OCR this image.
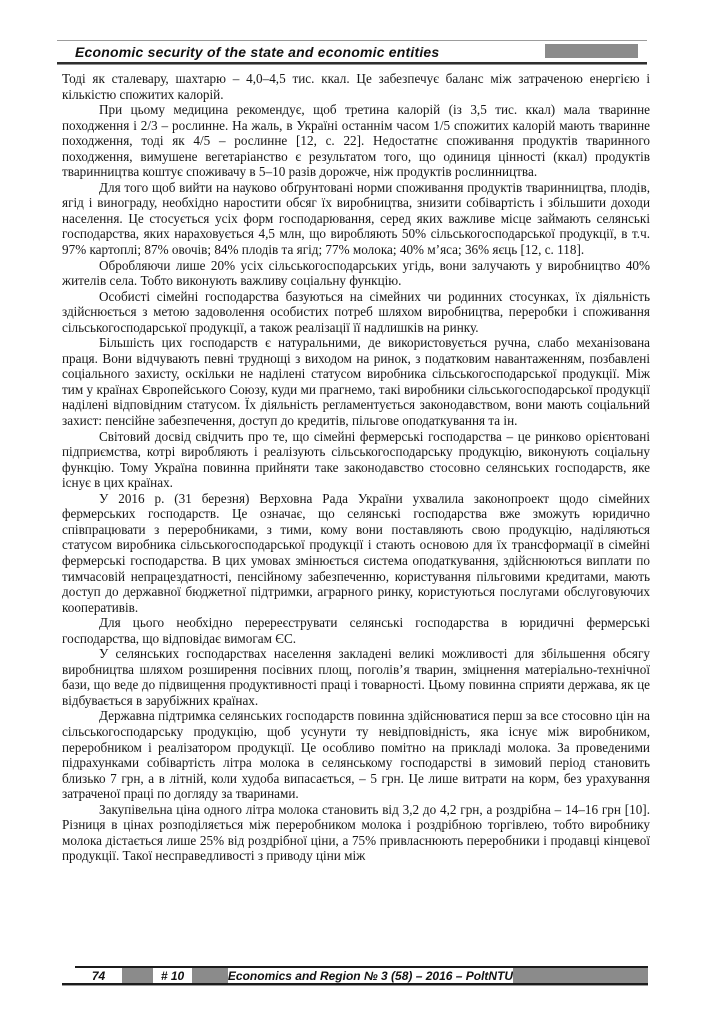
Economic security of the state and economic entities

Тоді як сталевару, шахтарю – 4,0–4,5 тис. ккал. Це забезпечує баланс між затраченою енергією і кількістю спожитих калорій.

При цьому медицина рекомендує, щоб третина калорій (із 3,5 тис. ккал) мала тваринне походження і 2/3 – рослинне. На жаль, в Україні останнім часом 1/5 спожитих калорій мають тваринне походження, тоді як 4/5 – рослинне [12, с. 22]. Недостатнє споживання продуктів тваринного походження, вимушене вегетаріанство є результатом того, що одиниця цінності (ккал) продуктів тваринництва коштує споживачу в 5–10 разів дорожче, ніж продуктів рослинництва.

Для того щоб вийти на науково обґрунтовані норми споживання продуктів тваринництва, плодів, ягід і винограду, необхідно наростити обсяг їх виробництва, знизити собівартість і збільшити доходи населення. Це стосується усіх форм господарювання, серед яких важливе місце займають селянські господарства, яких нараховується 4,5 млн, що виробляють 50% сільськогосподарської продукції, в т.ч. 97% картоплі; 87% овочів; 84% плодів та ягід; 77% молока; 40% м’яса; 36% яєць [12, с. 118].

Обробляючи лише 20% усіх сільськогосподарських угідь, вони залучають у виробництво 40% жителів села. Тобто виконують важливу соціальну функцію.

Особисті сімейні господарства базуються на сімейних чи родинних стосунках, їх діяльність здійснюється з метою задоволення особистих потреб шляхом виробництва, переробки і споживання сільськогосподарської продукції, а також реалізації її надлишків на ринку.

Більшість цих господарств є натуральними, де використовується ручна, слабо механізована праця. Вони відчувають певні труднощі з виходом на ринок, з податковим навантаженням, позбавлені соціального захисту, оскільки не наділені статусом виробника сільськогосподарської продукції. Між тим у країнах Європейського Союзу, куди ми прагнемо, такі виробники сільськогосподарської продукції наділені відповідним статусом. Їх діяльність регламентується законодавством, вони мають соціальний захист: пенсійне забезпечення, доступ до кредитів, пільгове оподаткування та ін.

Світовий досвід свідчить про те, що сімейні фермерські господарства – це ринково орієнтовані підприємства, котрі виробляють і реалізують сільськогосподарську продукцію, виконують соціальну функцію. Тому Україна повинна прийняти таке законодавство стосовно селянських господарств, яке існує в цих країнах.

У 2016 р. (31 березня) Верховна Рада України ухвалила законопроект щодо сімейних фермерських господарств. Це означає, що селянські господарства вже зможуть юридично співпрацювати з переробниками, з тими, кому вони поставляють свою продукцію, наділяються статусом виробника сільськогосподарської продукції і стають основою для їх трансформації в сімейні фермерські господарства. В цих умовах змінюється система оподаткування, здійснюються виплати по тимчасовій непрацездатності, пенсійному забезпеченню, користування пільговими кредитами, мають доступ до державної бюджетної підтримки, аграрного ринку, користуються послугами обслуговуючих кооперативів.

Для цього необхідно перереєструвати селянські господарства в юридичні фермерські господарства, що відповідає вимогам ЄС.

У селянських господарствах населення закладені великі можливості для збільшення обсягу виробництва шляхом розширення посівних площ, поголів’я тварин, зміцнення матеріально-технічної бази, що веде до підвищення продуктивності праці і товарності. Цьому повинна сприяти держава, як це відбувається в зарубіжних країнах.

Державна підтримка селянських господарств повинна здійснюватися перш за все стосовно цін на сільськогосподарську продукцію, щоб усунути ту невідповідність, яка існує між виробником, переробником і реалізатором продукції. Це особливо помітно на прикладі молока. За проведеними підрахунками собівартість літра молока в селянському господарстві в зимовий період становить близько 7 грн, а в літній, коли худоба випасається, – 5 грн. Це лише витрати на корм, без урахування затраченої праці по догляду за тваринами.

Закупівельна ціна одного літра молока становить від 3,2 до 4,2 грн, а роздрібна – 14–16 грн [10]. Різниця в цінах розподіляється між переробником молока і роздрібною торгівлею, тобто виробнику молока дістається лише 25% від роздрібної ціни, а 75% привласнюють переробники і продавці кінцевої продукції. Такої несправедливості з приводу ціни між

74	# 10	Economics and Region № 3 (58) – 2016 – PoltNTU
